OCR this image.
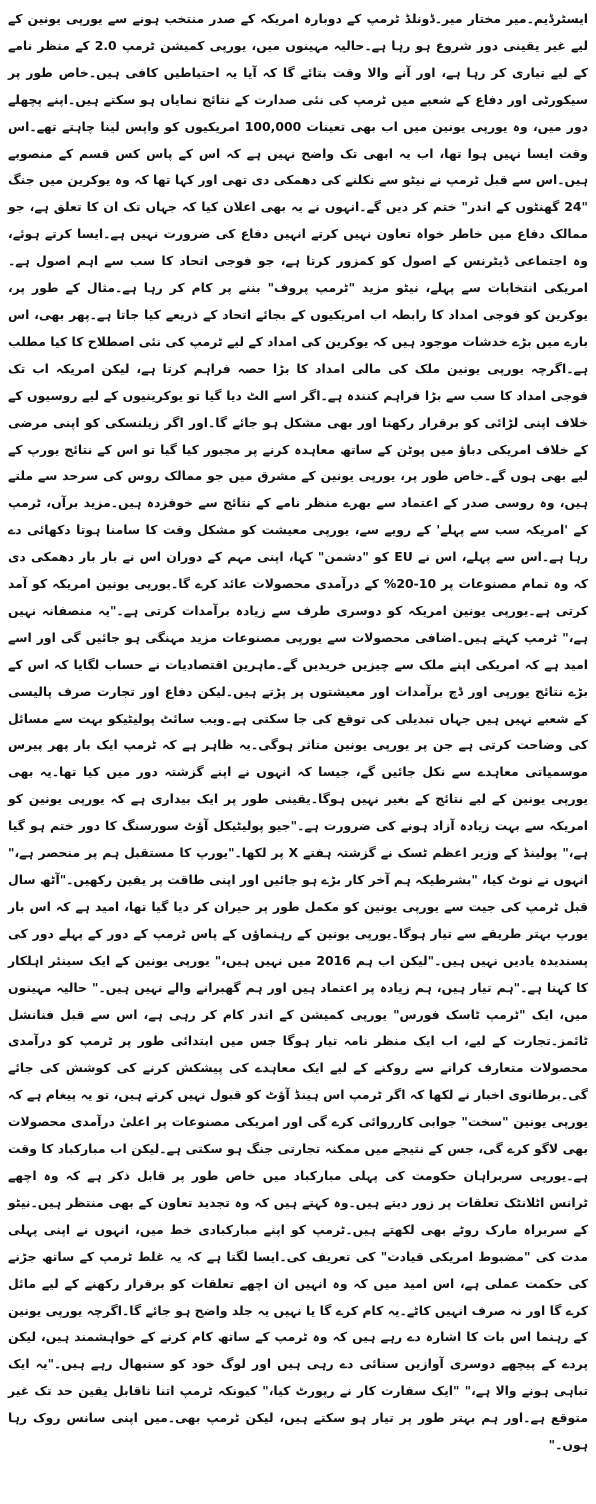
ایسٹرڈیم۔میر مختار میر۔ڈونلڈ ٹرمپ کے دوبارہ امریکہ کے صدر منتخب ہونے سے یورپی یونین کے لیے غیر یقینی دور شروع ہو رہا ہے۔حالیہ مہینوں میں، یورپی کمیشن ٹرمپ 2.0 کے منظر نامے کے لیے تیاری کر رہا ہے، اور آنے والا وقت بتائے گا کہ آیا یہ احتیاطیں کافی ہیں۔خاص طور پر سیکورٹی اور دفاع کے شعبے میں ٹرمپ کی نئی صدارت کے نتائج نمایاں ہو سکتے ہیں۔اپنے پچھلے دور میں، وہ یورپی یونین میں اب بھی تعینات 100,000 امریکیوں کو واپس لینا چاہتے تھے۔اس وقت ایسا نہیں ہوا تھا، اب یہ ابھی تک واضح نہیں ہے کہ اس کے پاس کس قسم کے منصوبے ہیں۔اس سے قبل ٹرمپ نے نیٹو سے نکلنے کی دھمکی دی تھی اور کہا تھا کہ وہ یوکرین میں جنگ "24 گھنٹوں کے اندر" ختم کر دیں گے۔انہوں نے یہ بھی اعلان کیا کہ جہاں تک ان کا تعلق ہے، جو ممالک دفاع میں خاطر خواہ تعاون نہیں کرتے انہیں دفاع کی ضرورت نہیں ہے۔ایسا کرتے ہوئے، وہ اجتماعی ڈیٹرنس کے اصول کو کمزور کرتا ہے، جو فوجی اتحاد کا سب سے اہم اصول ہے۔امریکی انتخابات سے پہلے، نیٹو مزید "ٹرمپ پروف" بننے پر کام کر رہا ہے۔مثال کے طور پر، یوکرین کو فوجی امداد کا رابطہ اب امریکیوں کے بجائے اتحاد کے ذریعے کیا جاتا ہے۔پھر بھی، اس بارے میں بڑے خدشات موجود ہیں کہ یوکرین کی امداد کے لیے ٹرمپ کی نئی اصطلاح کا کیا مطلب ہے۔اگرچہ یورپی یونین ملک کی مالی امداد کا بڑا حصہ فراہم کرتا ہے، لیکن امریکہ اب تک فوجی امداد کا سب سے بڑا فراہم کنندہ ہے۔اگر اسے الٹ دیا گیا تو یوکرینیوں کے لیے روسیوں کے خلاف اپنی لڑائی کو برقرار رکھنا اور بھی مشکل ہو جائے گا۔اور اگر زیلنسکی کو اپنی مرضی کے خلاف امریکی دباؤ میں پوٹن کے ساتھ معاہدہ کرنے پر مجبور کیا گیا تو اس کے نتائج یورپ کے لیے بھی ہوں گے۔خاص طور پر، یورپی یونین کے مشرق میں جو ممالک روس کی سرحد سے ملتے ہیں، وہ روسی صدر کے اعتماد سے بھرے منظر نامے کے نتائج سے خوفزدہ ہیں۔مزید برآں، ٹرمپ کے 'امریکہ سب سے پہلے' کے رویے سے، یورپی معیشت کو مشکل وقت کا سامنا ہوتا دکھائی دے رہا ہے۔اس سے پہلے، اس نے EU کو "دشمن" کہا، اپنی مہم کے دوران اس نے بار بار دھمکی دی کہ وہ تمام مصنوعات پر 10-20% کے درآمدی محصولات عائد کرے گا۔یورپی یونین امریکہ کو آمد کرتی ہے۔یورپی یونین امریکہ کو دوسری طرف سے زیادہ برآمدات کرتی ہے۔"یہ منصفانہ نہیں ہے،" ٹرمپ کہتے ہیں۔اضافی محصولات سے یورپی مصنوعات مزید مہنگی ہو جائیں گی اور اسے امید ہے کہ امریکی اپنے ملک سے چیزیں خریدیں گے۔ماہرین اقتصادیات نے حساب لگایا کہ اس کے بڑے نتائج یورپی اور ڈچ برآمدات اور معیشتوں پر پڑتے ہیں۔لیکن دفاع اور تجارت صرف پالیسی کے شعبے نہیں ہیں جہاں تبدیلی کی توقع کی جا سکتی ہے۔ویب سائٹ پولیٹیکو بہت سے مسائل کی وضاحت کرتی ہے جن پر یورپی یونین متاثر ہوگی۔یہ ظاہر ہے کہ ٹرمپ ایک بار پھر پیرس موسمیاتی معاہدے سے نکل جائیں گے، جیسا کہ انہوں نے اپنے گزشتہ دور میں کیا تھا۔یہ بھی یورپی یونین کے لیے نتائج کے بغیر نہیں ہوگا۔یقینی طور پر ایک بیداری ہے کہ یورپی یونین کو امریکہ سے بہت زیادہ آزاد ہونے کی ضرورت ہے۔"جیو پولیٹیکل آؤٹ سورسنگ کا دور ختم ہو گیا ہے،" پولینڈ کے وزیر اعظم ٹسک نے گزشتہ ہفتے X پر لکھا۔"یورپ کا مستقبل ہم پر منحصر ہے،" انہوں نے نوٹ کیا، "بشرطیکہ ہم آخر کار بڑے ہو جائیں اور اپنی طاقت پر یقین رکھیں۔"آٹھ سال قبل ٹرمپ کی جیت سے یورپی یونین کو مکمل طور پر حیران کر دیا گیا تھا، امید ہے کہ اس بار یورپ بہتر طریقے سے تیار ہوگا۔یورپی یونین کے رہنماؤں کے پاس ٹرمپ کے دور کے پہلے دور کی پسندیدہ یادیں نہیں ہیں۔"لیکن اب ہم 2016 میں نہیں ہیں،" یورپی یونین کے ایک سینئر اہلکار کا کہنا ہے۔"ہم تیار ہیں، ہم زیادہ پر اعتماد ہیں اور ہم گھبرانے والے نہیں ہیں۔" حالیہ مہینوں میں، ایک "ٹرمپ ٹاسک فورس" یورپی کمیشن کے اندر کام کر رہی ہے، اس سے قبل فنانشل ٹائمز۔تجارت کے لیے، اب ایک منظر نامہ تیار ہوگا جس میں ابتدائی طور پر ٹرمپ کو درآمدی محصولات متعارف کرانے سے روکنے کے لیے ایک معاہدے کی پیشکش کرنے کی کوشش کی جائے گی۔برطانوی اخبار نے لکھا کہ اگر ٹرمپ اس ہینڈ آؤٹ کو قبول نہیں کرتے ہیں، تو یہ پیغام ہے کہ یورپی یونین "سخت" جوابی کارروائی کرے گی اور امریکی مصنوعات پر اعلیٰ درآمدی محصولات بھی لاگو کرے گی، جس کے نتیجے میں ممکنہ تجارتی جنگ ہو سکتی ہے۔لیکن اب مبارکباد کا وقت ہے۔یورپی سربراہان حکومت کی پہلی مبارکباد میں خاص طور پر قابل ذکر ہے کہ وہ اچھے ٹرانس اٹلانٹک تعلقات پر زور دیتے ہیں۔وہ کہتے ہیں کہ وہ تجدید تعاون کے بھی منتظر ہیں۔نیٹو کے سربراہ مارک روٹے بھی لکھتے ہیں۔ٹرمپ کو اپنے مبارکبادی خط میں، انہوں نے اپنی پہلی مدت کی "مضبوط امریکی قیادت" کی تعریف کی۔ایسا لگتا ہے کہ یہ غلط ٹرمپ کے ساتھ جڑنے کی حکمت عملی ہے، اس امید میں کہ وہ انہیں ان اچھے تعلقات کو برقرار رکھنے کے لیے مائل کرے گا اور نہ صرف انہیں کاٹے۔یہ کام کرے گا یا نہیں یہ جلد واضح ہو جائے گا۔اگرچہ یورپی یونین کے رہنما اس بات کا اشارہ دے رہے ہیں کہ وہ ٹرمپ کے ساتھ کام کرنے کے خواہشمند ہیں، لیکن پردے کے پیچھے دوسری آوازیں سنائی دے رہی ہیں اور لوگ خود کو سنبھال رہے ہیں۔"یہ ایک تباہی ہونے والا ہے،" "ایک سفارت کار نے رپورٹ کیا،" کیونکہ ٹرمپ اتنا ناقابل یقین حد تک غیر متوقع ہے۔اور ہم بہتر طور پر تیار ہو سکتے ہیں، لیکن ٹرمپ بھی۔میں اپنی سانس روک رہا ہوں۔"
